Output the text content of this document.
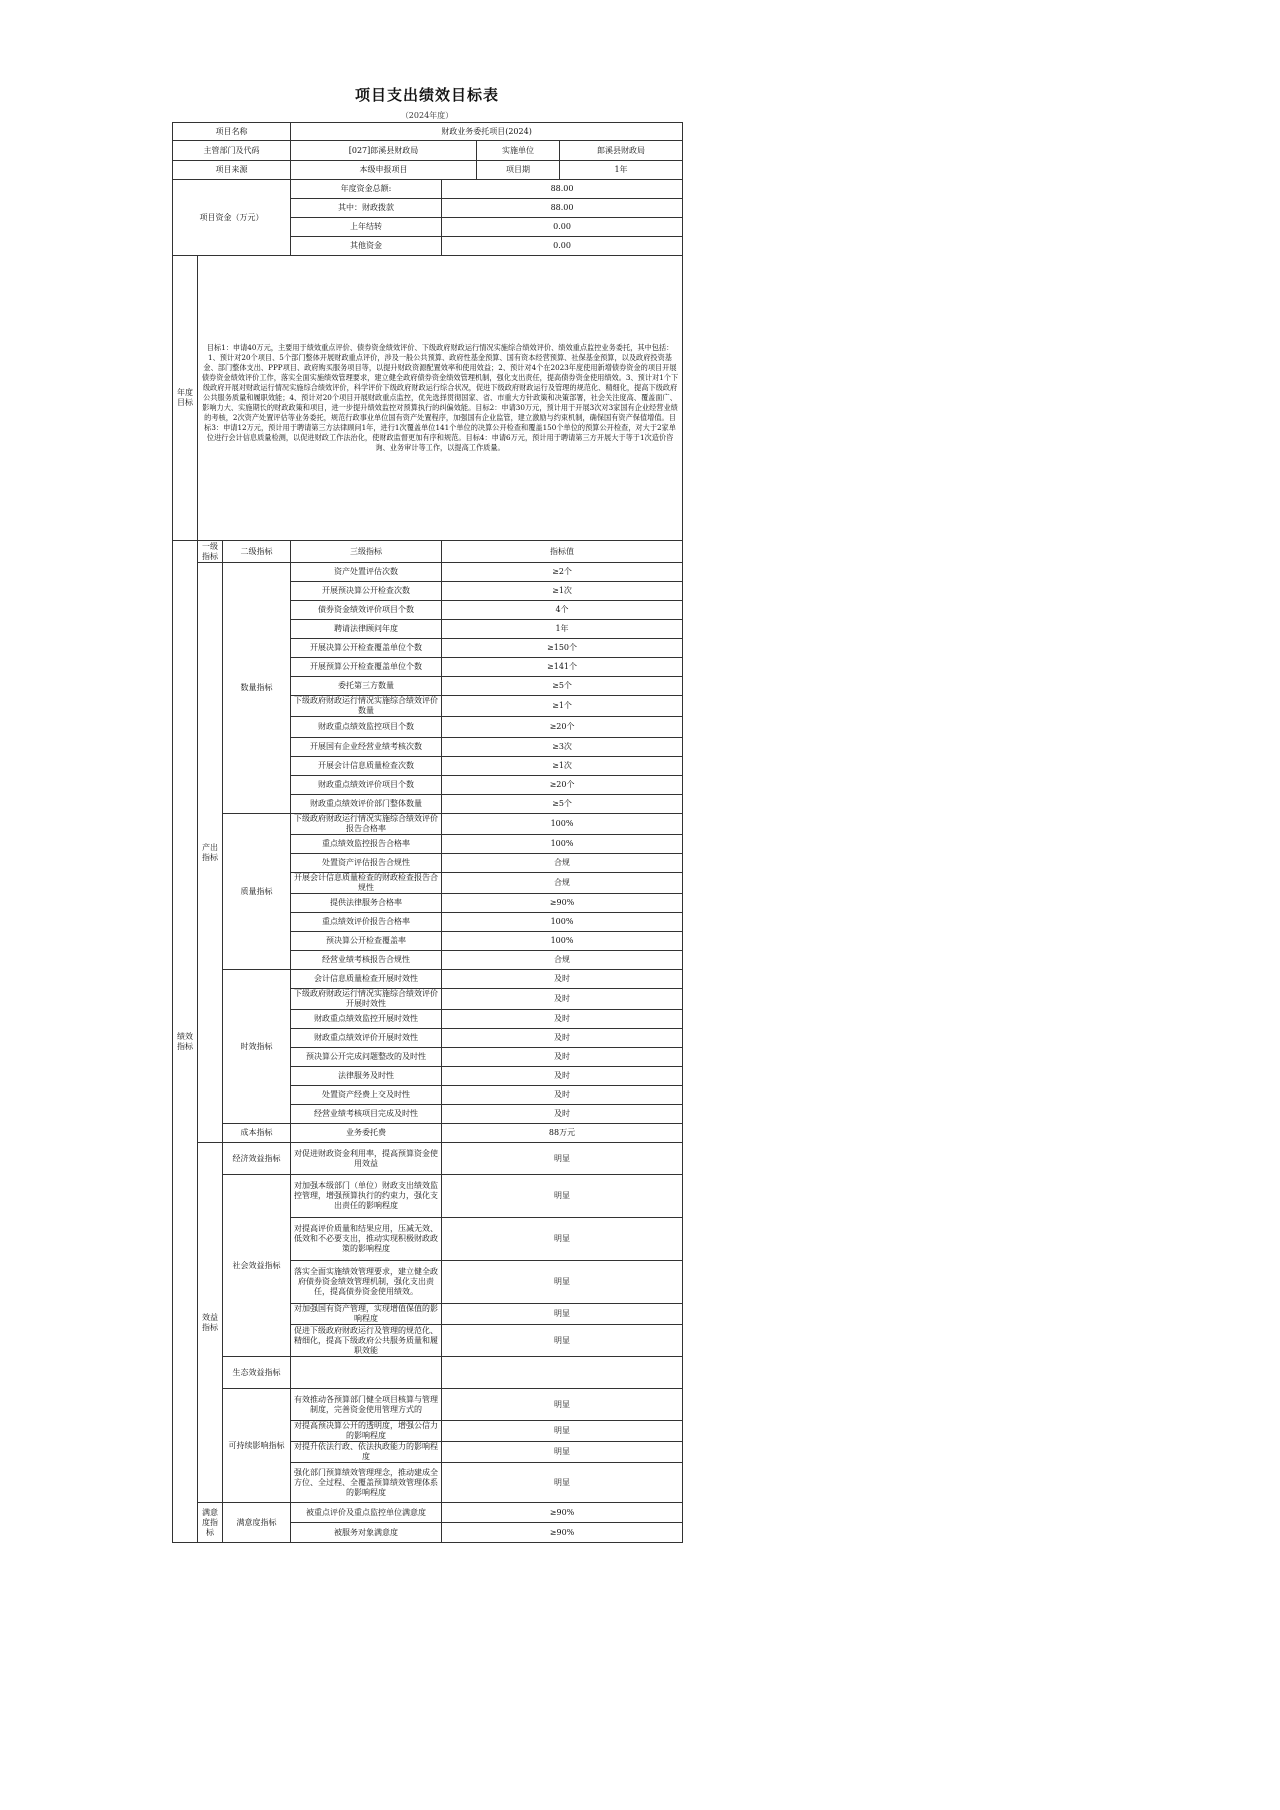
项目支出绩效目标表
（2024年度）
项目名称			财政业务委托项目(2024)			
主管部门及代码			[027]郎溪县财政局		实施单位	郎溪县财政局
项目来源			本级申报项目		项目期	1年
项目资金（万元）			年度资金总额:	88.00		
			其中：财政拨款	88.00		
			上年结转	0.00		
			其他资金	0.00		
年度目标	目标1：申请40万元，主要用于绩效重点评价、债券资金绩效评价、下级政府财政运行情况实施综合绩效评价、绩效重点监控业务委托，其中包括：1、预计对20个项目、5个部门整体开展财政重点评价，涉及一般公共预算、政府性基金预算、国有资本经营预算、社保基金预算，以及政府投资基金、部门整体支出、PPP项目、政府购买服务项目等，以提升财政资源配置效率和使用效益；2、预计对4个在2023年度使用新增债券资金的项目开展债券资金绩效评价工作，落实全面实施绩效管理要求，建立健全政府债券资金绩效管理机制，强化支出责任，提高债券资金使用绩效。3、预计对1个下级政府开展对财政运行情况实施综合绩效评价，科学评价下级政府财政运行综合状况，促进下级政府财政运行及管理的规范化、精细化，提高下级政府公共服务质量和履职效能；4、预计对20个项目开展财政重点监控，优先选择贯彻国家、省、市重大方针政策和决策部署，社会关注度高、覆盖面广、影响力大、实施期长的财政政策和项目，进一步提升绩效监控对预算执行的纠偏效能。目标2：申请30万元，预计用于开展3次对3家国有企业经营业绩的考核，2次资产处置评估等业务委托，规范行政事业单位国有资产处置程序，加强国有企业监管，建立激励与约束机制，确保国有资产保值增值。目标3：申请12万元，预计用于聘请第三方法律顾问1年，进行1次覆盖单位141个单位的决算公开检查和覆盖150个单位的预算公开检查，对大于2家单位进行会计信息质量检测，以促进财政工作法治化，使财政监督更加有序和规范。目标4：申请6万元，预计用于聘请第三方开展大于等于1次造价咨询、业务审计等工作，以提高工作质量。					
绩效指标	一级指标	二级指标	三级指标	指标值		
	产出指标	数量指标	资产处置评估次数	≥2个		
			开展预决算公开检查次数	≥1次		
			债券资金绩效评价项目个数	4个		
			聘请法律顾问年度	1年		
			开展决算公开检查覆盖单位个数	≥150个		
			开展预算公开检查覆盖单位个数	≥141个		
			委托第三方数量	≥5个		
			下级政府财政运行情况实施综合绩效评价数量	≥1个		
			财政重点绩效监控项目个数	≥20个		
			开展国有企业经营业绩考核次数	≥3次		
			开展会计信息质量检查次数	≥1次		
			财政重点绩效评价项目个数	≥20个		
			财政重点绩效评价部门整体数量	≥5个		
		质量指标	下级政府财政运行情况实施综合绩效评价报告合格率	100%		
			重点绩效监控报告合格率	100%		
			处置资产评估报告合规性	合规		
			开展会计信息质量检查的财政检查报告合规性	合规		
			提供法律服务合格率	≥90%		
			重点绩效评价报告合格率	100%		
			预决算公开检查覆盖率	100%		
			经营业绩考核报告合规性	合规		
		时效指标	会计信息质量检查开展时效性	及时		
			下级政府财政运行情况实施综合绩效评价开展时效性	及时		
			财政重点绩效监控开展时效性	及时		
			财政重点绩效评价开展时效性	及时		
			预决算公开完成问题整改的及时性	及时		
			法律服务及时性	及时		
			处置资产经费上交及时性	及时		
			经营业绩考核项目完成及时性	及时		
		成本指标	业务委托费	88万元		
	效益指标	经济效益指标	对促进财政资金利用率，提高预算资金使用效益	明显		
		社会效益指标	对加强本级部门（单位）财政支出绩效监控管理，增强预算执行的约束力，强化支出责任的影响程度	明显		
			对提高评价质量和结果应用，压减无效、低效和不必要支出，推动实现积极财政政策的影响程度	明显		
			落实全面实施绩效管理要求，建立健全政府债券资金绩效管理机制，强化支出责任，提高债券资金使用绩效。	明显		
			对加强国有资产管理，实现增值保值的影响程度	明显		
			促进下级政府财政运行及管理的规范化、精细化，提高下级政府公共服务质量和履职效能	明显		
		生态效益指标				
		可持续影响指标	有效推动各预算部门健全项目核算与管理制度，完善资金使用管理方式的	明显		
			对提高预决算公开的透明度，增强公信力的影响程度	明显		
			对提升依法行政、依法执政能力的影响程度	明显		
			强化部门预算绩效管理理念，推动建成全方位、全过程、全覆盖预算绩效管理体系的影响程度	明显		
	满意度指标	满意度指标	被重点评价及重点监控单位满意度	≥90%		
			被服务对象满意度	≥90%		
